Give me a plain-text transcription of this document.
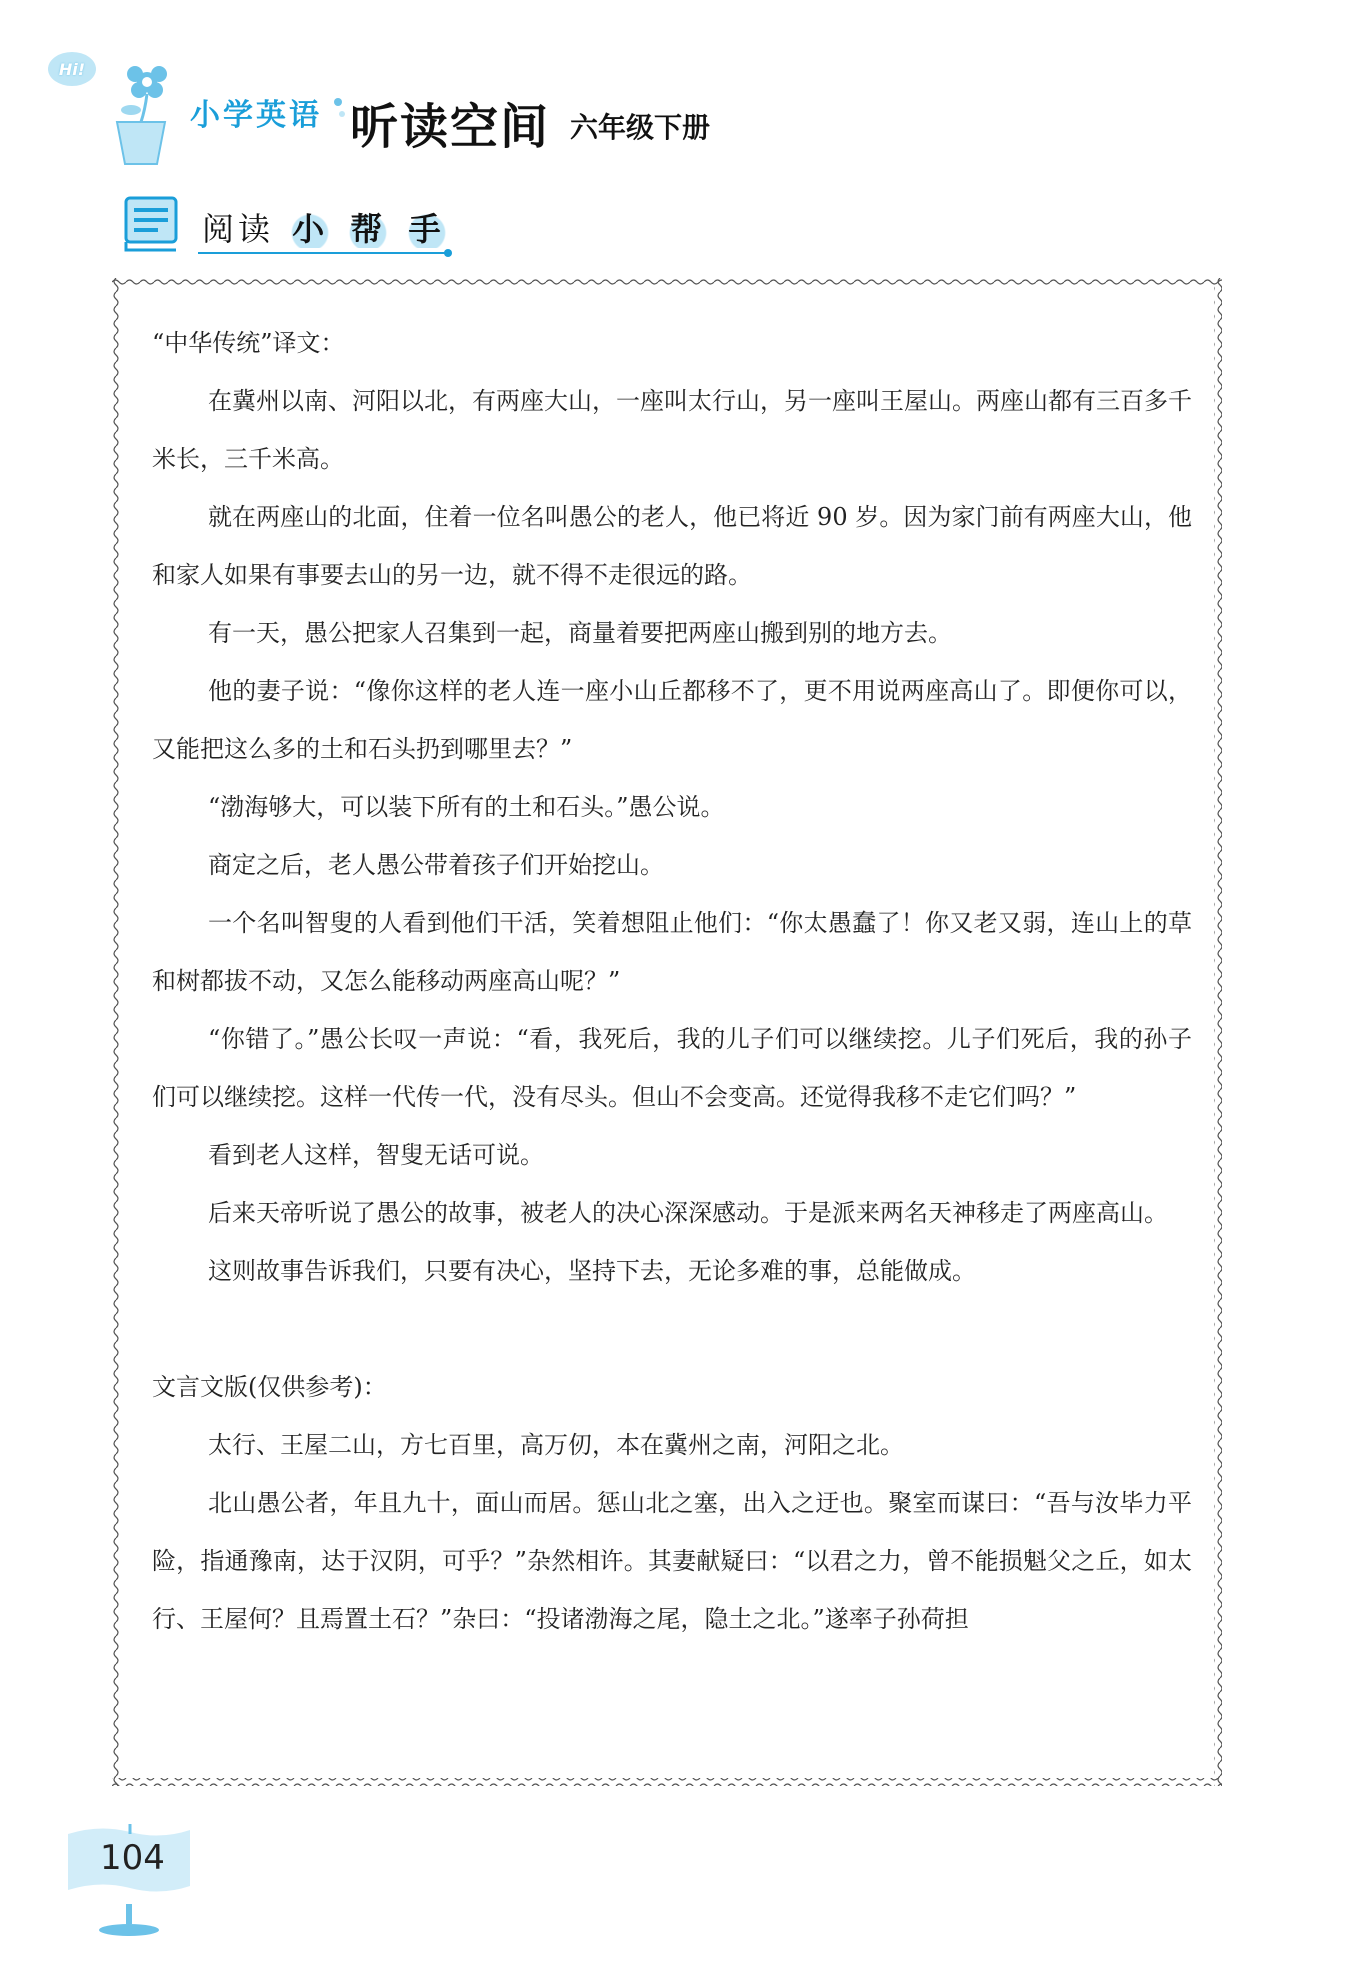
Hi!
小学英语 听读空间 六年级下册
阅读 小 帮 手

“中华传统”译文：

在冀州以南、河阳以北，有两座大山，一座叫太行山，另一座叫王屋山。两座山都有三百多千米长，三千米高。

就在两座山的北面，住着一位名叫愚公的老人，他已将近 90 岁。因为家门前有两座大山，他和家人如果有事要去山的另一边，就不得不走很远的路。

有一天，愚公把家人召集到一起，商量着要把两座山搬到别的地方去。

他的妻子说：“像你这样的老人连一座小山丘都移不了，更不用说两座高山了。即便你可以，又能把这么多的土和石头扔到哪里去？”

“渤海够大，可以装下所有的土和石头。”愚公说。

商定之后，老人愚公带着孩子们开始挖山。

一个名叫智叟的人看到他们干活，笑着想阻止他们：“你太愚蠢了！你又老又弱，连山上的草和树都拔不动，又怎么能移动两座高山呢？”

“你错了。”愚公长叹一声说：“看，我死后，我的儿子们可以继续挖。儿子们死后，我的孙子们可以继续挖。这样一代传一代，没有尽头。但山不会变高。还觉得我移不走它们吗？”

看到老人这样，智叟无话可说。

后来天帝听说了愚公的故事，被老人的决心深深感动。于是派来两名天神移走了两座高山。

这则故事告诉我们，只要有决心，坚持下去，无论多难的事，总能做成。

文言文版(仅供参考)：

太行、王屋二山，方七百里，高万仞，本在冀州之南，河阳之北。

北山愚公者，年且九十，面山而居。惩山北之塞，出入之迂也。聚室而谋曰：“吾与汝毕力平险，指通豫南，达于汉阴，可乎？”杂然相许。其妻献疑曰：“以君之力，曾不能损魁父之丘，如太行、王屋何？且焉置土石？”杂曰：“投诸渤海之尾，隐土之北。”遂率子孙荷担

104
